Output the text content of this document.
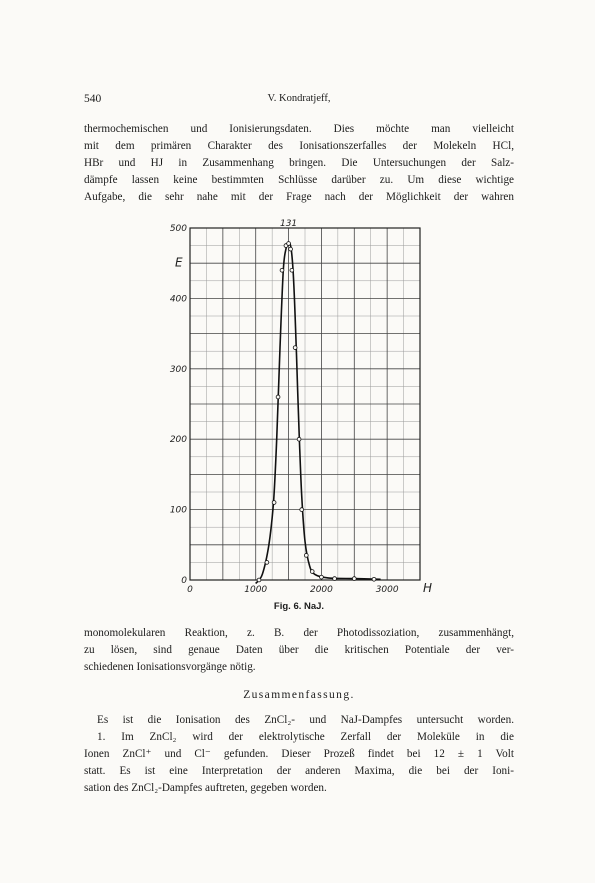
540	V. Kondratjeff,

thermochemischen und Ionisierungsdaten. Dies möchte man vielleicht
mit dem primären Charakter des Ionisationszerfalles der Molekeln HCl,
HBr und HJ in Zusammenhang bringen. Die Untersuchungen der Salz-
dämpfe lassen keine bestimmten Schlüsse darüber zu. Um diese wichtige
Aufgabe, die sehr nahe mit der Frage nach der Möglichkeit der wahren

0
100
200
300
400
500
0	1000	2000	3000 H
E
131
Fig. 6. NaJ.

monomolekularen Reaktion, z. B. der Photodissoziation, zusammenhängt,
zu lösen, sind genaue Daten über die kritischen Potentiale der ver-
schiedenen Ionisationsvorgänge nötig.

Zusammenfassung.

Es ist die Ionisation des ZnCl₂- und NaJ-Dampfes untersucht worden.
1. Im ZnCl₂ wird der elektrolytische Zerfall der Moleküle in die
Ionen ZnCl⁺ und Cl⁻ gefunden. Dieser Prozeß findet bei 12 ± 1 Volt
statt. Es ist eine Interpretation der anderen Maxima, die bei der Ioni-
sation des ZnCl₂-Dampfes auftreten, gegeben worden.
